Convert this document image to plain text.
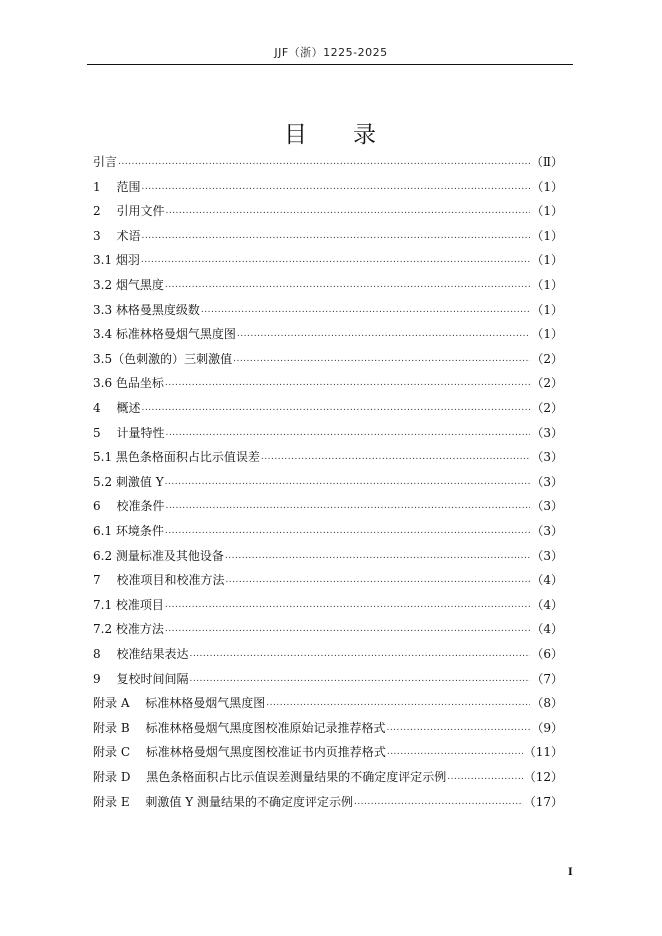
JJF（浙）1225-2025
目 录
引言 .....	（Ⅱ）
1　 范围 .....	（1）
2　 引用文件 .....	（1）
3　 术语 .....	（1）
3.1 烟羽 .....	（1）
3.2 烟气黑度 .....	（1）
3.3 林格曼黑度级数 .....	（1）
3.4 标准林格曼烟气黑度图 .....	（1）
3.5（色刺激的）三刺激值 .....	（2）
3.6 色品坐标 .....	（2）
4　 概述 .....	（2）
5　 计量特性 .....	（3）
5.1 黑色条格面积占比示值误差 .....	（3）
5.2 刺激值 Y .....	（3）
6　 校准条件 .....	（3）
6.1 环境条件 .....	（3）
6.2 测量标准及其他设备 .....	（3）
7　 校准项目和校准方法 .....	（4）
7.1 校准项目 .....	（4）
7.2 校准方法 .....	（4）
8　 校准结果表达 .....	（6）
9　 复校时间间隔 .....	（7）
附录 A　 标准林格曼烟气黑度图 .....	（8）
附录 B　 标准林格曼烟气黑度图校准原始记录推荐格式 .....	（9）
附录 C　 标准林格曼烟气黑度图校准证书内页推荐格式 .....	（11）
附录 D　 黑色条格面积占比示值误差测量结果的不确定度评定示例 .....	（12）
附录 E　 刺激值 Y 测量结果的不确定度评定示例 .....	（17）
I
